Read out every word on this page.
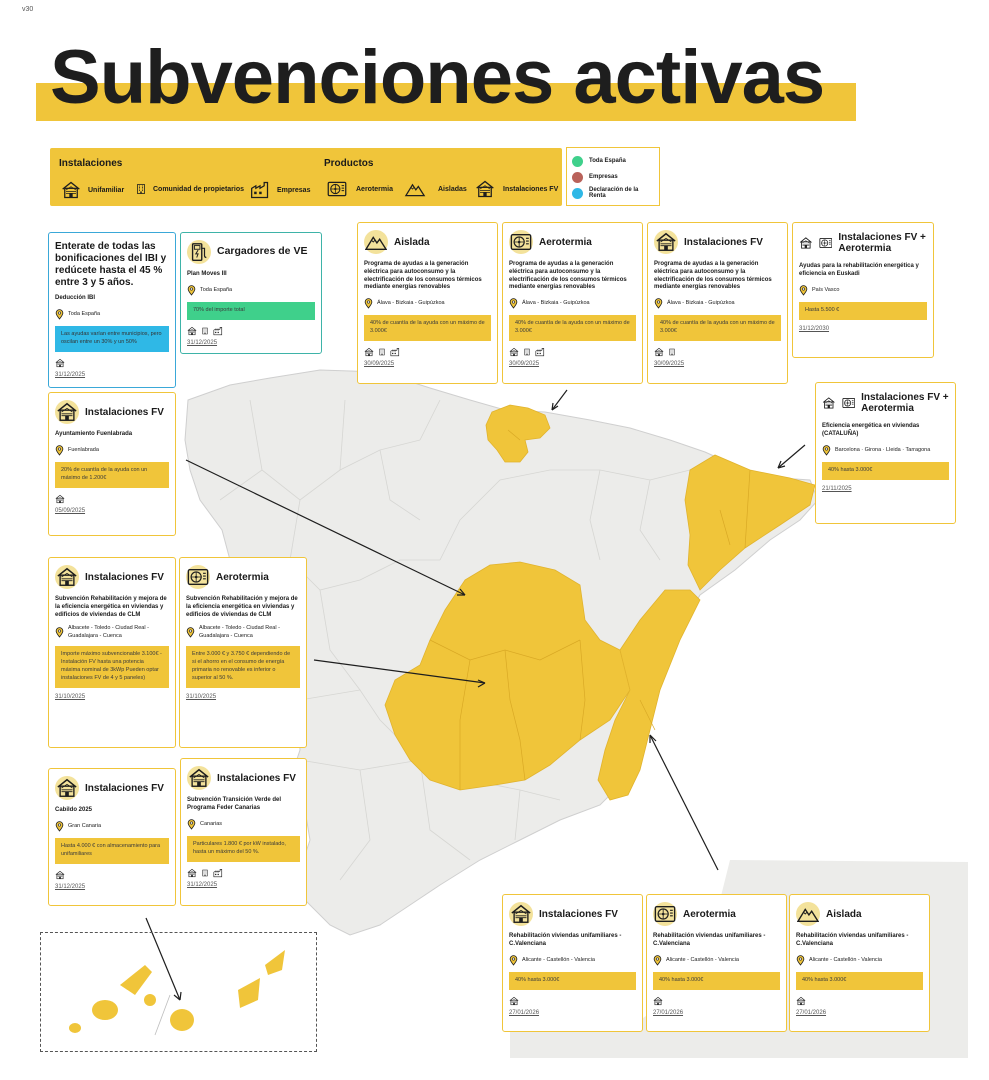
v30
Subvenciones activas
Instalaciones	Productos
Unifamiliar	Comunidad de propietarios	Empresas	Aerotermia	Aisladas	Instalaciones FV
Toda España
Empresas
Declaración de la Renta
Enterate de todas las bonificaciones del IBI y redúcete hasta el 45 % entre 3 y 5 años.
Deducción IBI
Toda España
Las ayudas varían entre municipios, pero oscilan entre un 30% y un 50%
31/12/2025
Cargadores de VE
Plan Moves III
Toda España
70% del importe total
31/12/2025
Aislada
Programa de ayudas a la generación eléctrica para autoconsumo y la electrificación de los consumos térmicos mediante energías renovables
Álava - Bizkaia - Guipúzkoa
40% de cuantía de la ayuda con un máximo de 3.000€
30/09/2025
Aerotermia
Programa de ayudas a la generación eléctrica para autoconsumo y la electrificación de los consumos térmicos mediante energías renovables
Álava - Bizkaia - Guipúzkoa
40% de cuantía de la ayuda con un máximo de 3.000€
30/09/2025
Instalaciones FV
Programa de ayudas a la generación eléctrica para autoconsumo y la electrificación de los consumos térmicos mediante energías renovables
Álava - Bizkaia - Guipúzkoa
40% de cuantía de la ayuda con un máximo de 3.000€
30/09/2025
Instalaciones FV + Aerotermia
Ayudas para la rehabilitación energética y eficiencia en Euskadi
País Vasco
Hasta 5.500 €
31/12/2030
Instalaciones FV
Ayuntamiento Fuenlabrada
Fuenlabrada
20% de cuantía de la ayuda con un máximo de 1.200€
05/09/2025
Instalaciones FV + Aerotermia
Eficiencia energética en viviendas (CATALUÑA)
Barcelona · Girona · Lleida · Tarragona
40% hasta 3.000€
21/11/2025
Instalaciones FV
Subvención Rehabilitación y mejora de la eficiencia energética en viviendas y edificios de viviendas de CLM
Albacete - Toledo - Ciudad Real - Guadalajara - Cuenca
Importe máximo subvencionable 3.100€ - Instalación FV hasta una potencia máxima nominal de 3kWp Pueden optar instalaciones FV de 4 y 5 paneles)
31/10/2025
Aerotermia
Subvención Rehabilitación y mejora de la eficiencia energética en viviendas y edificios de viviendas de CLM
Albacete - Toledo - Ciudad Real - Guadalajara - Cuenca
Entre 3.000 € y 3.750 € dependiendo de si el ahorro en el consumo de energía primaria no renovable es inferior o superior al 50 %.
31/10/2025
Instalaciones FV
Cabildo 2025
Gran Canaria
Hasta 4.000 € con almacenamiento para unifamiliares
31/12/2025
Instalaciones FV
Subvención Transición Verde del Programa Feder Canarias
Canarias
Particulares 1.800 € por kW instalado, hasta un máximo del 50 %.
31/12/2025
Instalaciones FV
Rehabilitación viviendas unifamiliares - C.Valenciana
Alicante - Castellón - Valencia
40% hasta 3.000€
27/01/2026
Aerotermia
Rehabilitación viviendas unifamiliares - C.Valenciana
Alicante - Castellón - Valencia
40% hasta 3.000€
27/01/2026
Aislada
Rehabilitación viviendas unifamiliares - C.Valenciana
Alicante - Castellón - Valencia
40% hasta 3.000€
27/01/2026
